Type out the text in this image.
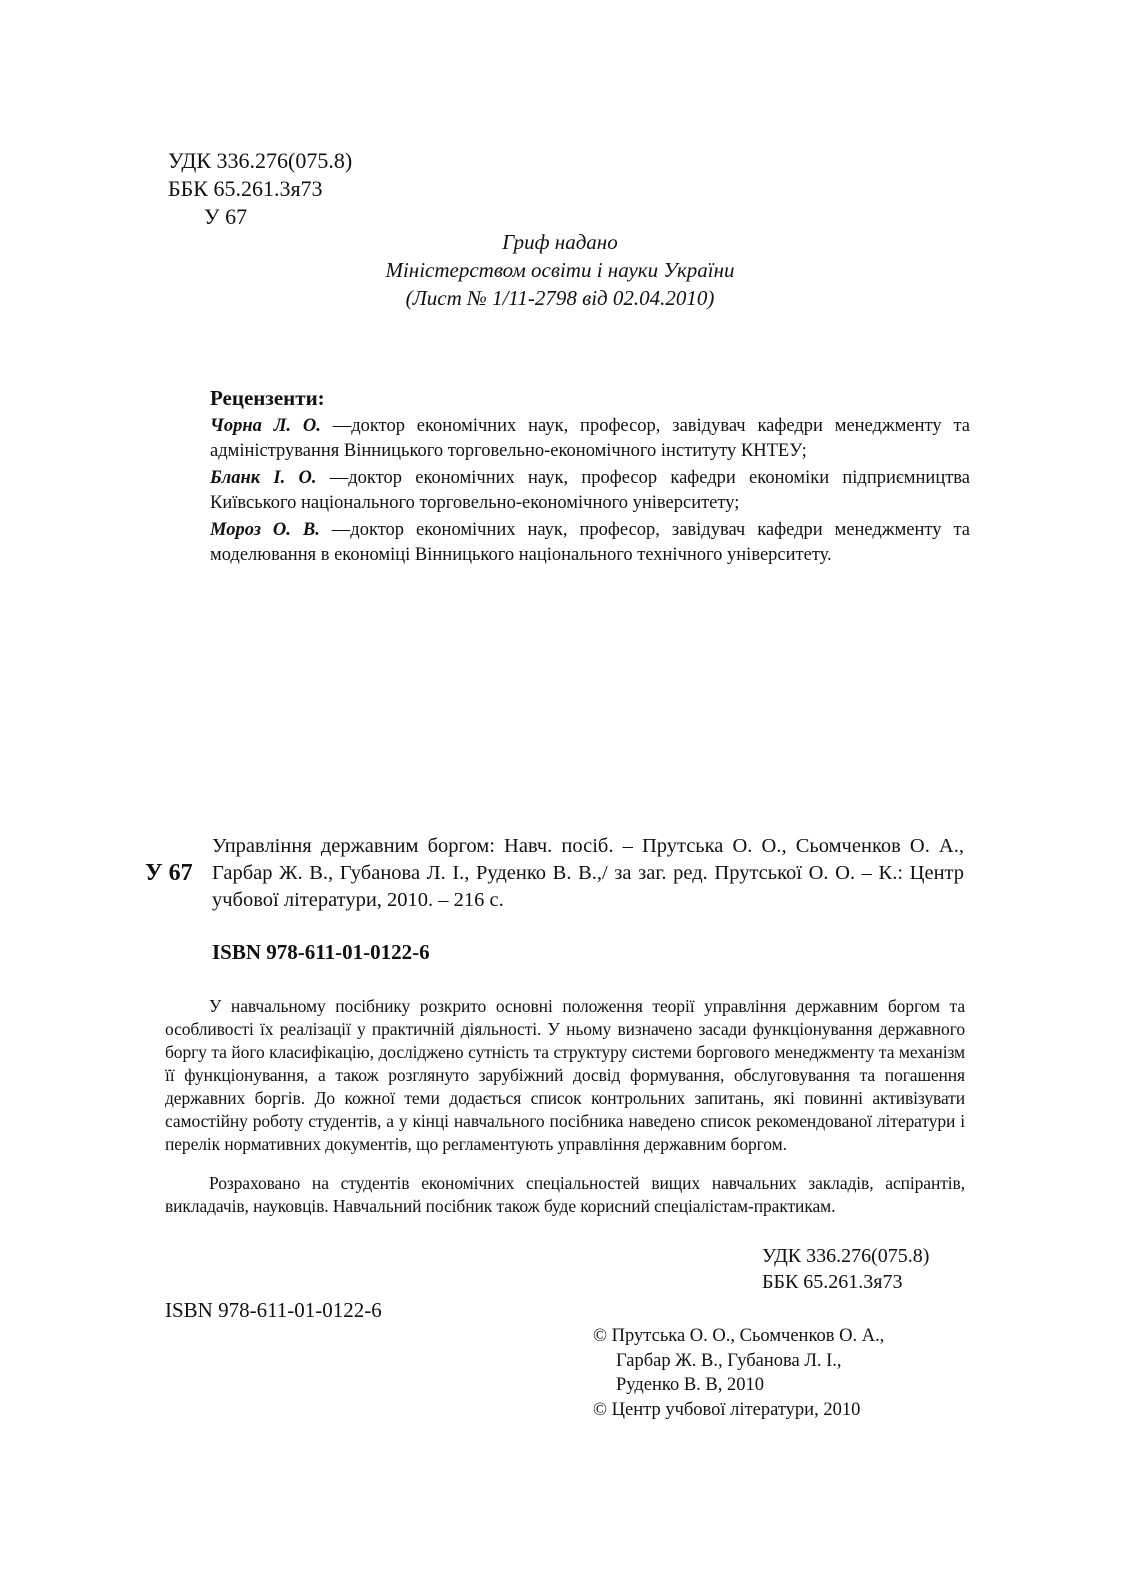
УДК 336.276(075.8)
ББК 65.261.3я73
У 67
Гриф надано
Міністерством освіти і науки України
(Лист № 1/11-2798 від 02.04.2010)
Рецензенти:
Чорна Л. О. —доктор економічних наук, професор, завідувач кафедри менеджменту та адміністрування Вінницького торговельно-економічного інституту КНТЕУ;
Бланк І. О. —доктор економічних наук, професор кафедри економіки підприємництва Київського національного торговельно-економічного університету;
Мороз О. В. —доктор економічних наук, професор, завідувач кафедри менеджменту та моделювання в економіці Вінницького національного технічного університету.
У 67
Управління державним боргом: Навч. посіб. – Прутська О. О., Сьомченков О. А., Гарбар Ж. В., Губанова Л. І., Руденко В. В.,/ за заг. ред. Прутської О. О. – К.: Центр учбової літератури, 2010. – 216 с.
ISBN 978-611-01-0122-6
У навчальному посібнику розкрито основні положення теорії управління державним боргом та особливості їх реалізації у практичній діяльності. У ньому визначено засади функціонування державного боргу та його класифікацію, досліджено сутність та структуру системи боргового менеджменту та механізм її функціонування, а також розглянуто зарубіжний досвід формування, обслуговування та погашення державних боргів. До кожної теми додається список контрольних запитань, які повинні активізувати самостійну роботу студентів, а у кінці навчального посібника наведено список рекомендованої літератури і перелік нормативних документів, що регламентують управління державним боргом.
Розраховано на студентів економічних спеціальностей вищих навчальних закладів, аспірантів, викладачів, науковців. Навчальний посібник також буде корисний спеціалістам-практикам.
УДК 336.276(075.8)
ББК 65.261.3я73
ISBN 978-611-01-0122-6
© Прутська О. О., Сьомченков О. А.,
Гарбар Ж. В., Губанова Л. І.,
Руденко В. В, 2010
© Центр учбової літератури, 2010
